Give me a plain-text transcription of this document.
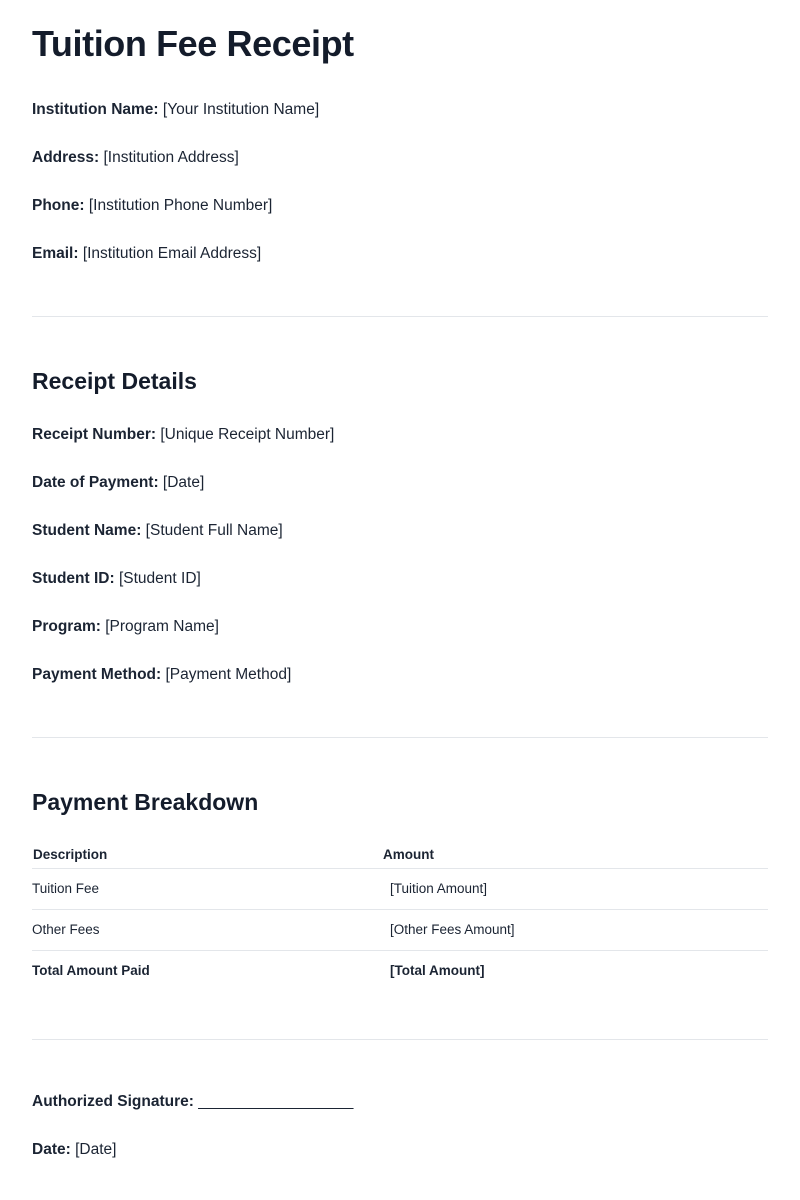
Tuition Fee Receipt

Institution Name: [Your Institution Name]

Address: [Institution Address]

Phone: [Institution Phone Number]

Email: [Institution Email Address]

Receipt Details

Receipt Number: [Unique Receipt Number]

Date of Payment: [Date]

Student Name: [Student Full Name]

Student ID: [Student ID]

Program: [Program Name]

Payment Method: [Payment Method]

Payment Breakdown
Description	Amount
Tuition Fee	[Tuition Amount]
Other Fees	[Other Fees Amount]
Total Amount Paid	[Total Amount]

Authorized Signature: __________________

Date: [Date]
